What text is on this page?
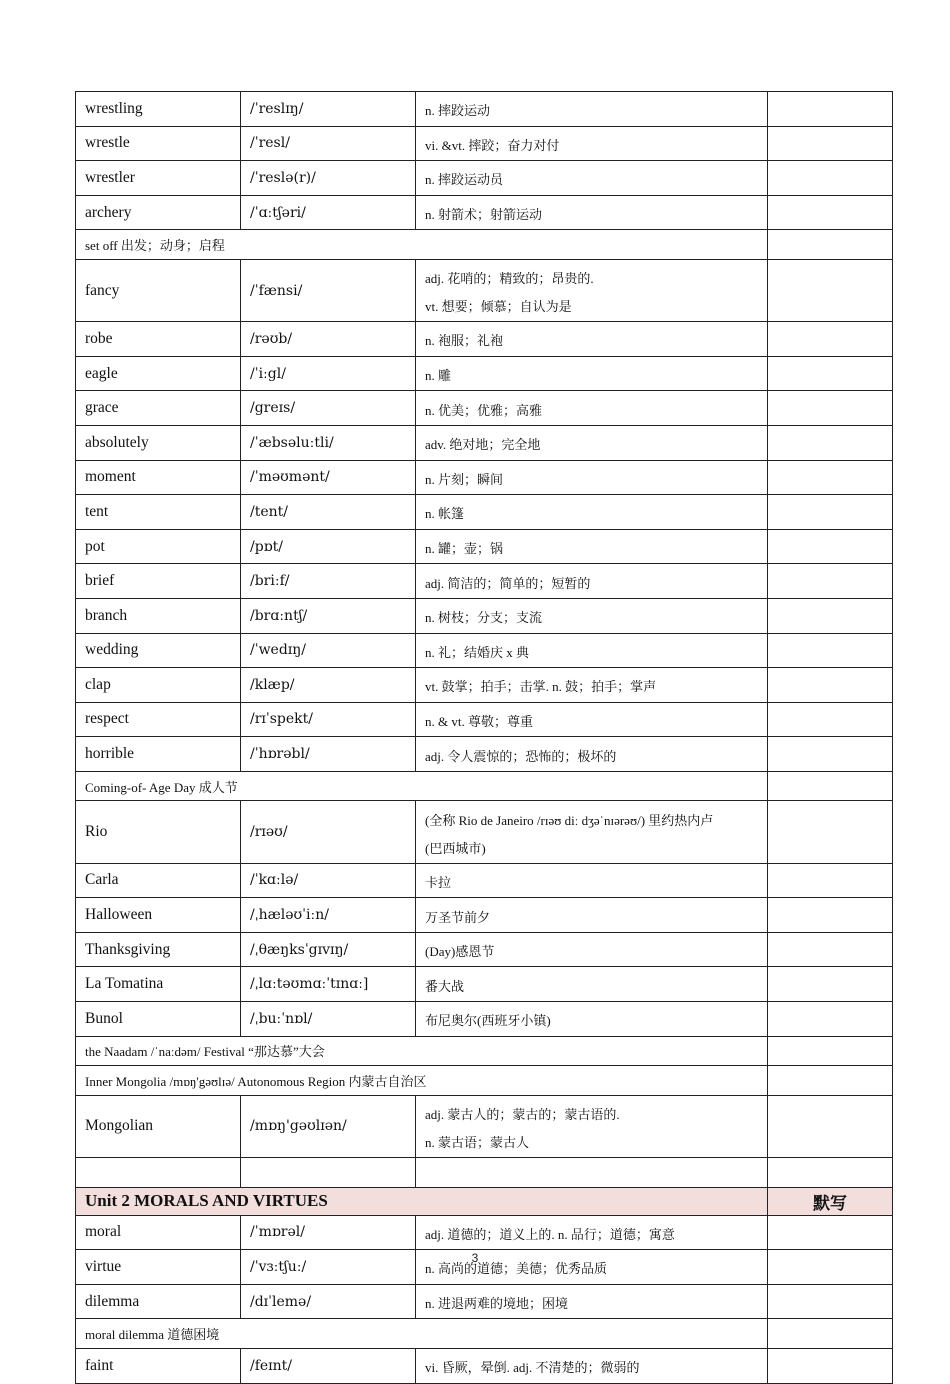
wrestling	/ˈreslɪŋ/	n. 摔跤运动	

wrestle	/ˈresl/	vi. &vt. 摔跤；奋力对付	

wrestler	/ˈreslə(r)/	n. 摔跤运动员	

archery	/ˈɑːtʃəri/	n. 射箭术；射箭运动	

set off 出发；动身；启程			
fancy	/ˈfænsi/	adj. 花哨的；精致的；昂贵的.
vt. 想要；倾慕；自认为是	

robe	/rəʊb/	n. 袍服；礼袍	

eagle	/ˈiːgl/	n. 雕	

grace	/greɪs/	n. 优美；优雅；高雅	

absolutely	/ˈæbsəluːtli/	adv. 绝对地；完全地	

moment	/ˈməʊmənt/	n. 片刻；瞬间	

tent	/tent/	n. 帐篷	

pot	/pɒt/	n. 罐；壶；锅	

brief	/briːf/	adj. 简洁的；简单的；短暂的	

branch	/brɑːntʃ/	n. 树枝；分支；支流	

wedding	/ˈwedɪŋ/	n. 礼；结婚庆 x 典	

clap	/klæp/	vt. 鼓掌；拍手；击掌. n. 鼓；拍手；掌声	

respect	/rɪˈspekt/	n. & vt. 尊敬；尊重	

horrible	/ˈhɒrəbl/	adj. 令人震惊的；恐怖的；极坏的	

Coming-of- Age Day 成人节			
Rio	/rɪəʊ/	(全称 Rio de Janeiro /rɪəʊ diː dʒəˈnɪərəʊ/) 里约热内卢
(巴西城市)	

Carla	/ˈkɑːlə/	卡拉	

Halloween	/ˌhæləʊˈiːn/	万圣节前夕	

Thanksgiving	/ˌθæŋksˈgɪvɪŋ/	(Day)感恩节	

La Tomatina	/ˌlɑːtəʊmɑːˈtɪnɑː]	番大战	

Bunol	/ˌbuːˈnɒl/	布尼奥尔(西班牙小镇)	

the Naadam /ˈnaːdəm/ Festival “那达慕”大会			
Inner Mongolia /mɒŋ'gəʊlɪə/ Autonomous Region 内蒙古自治区			
Mongolian	/mɒŋ'gəʊlɪən/	adj. 蒙古人的；蒙古的；蒙古语的.
n. 蒙古语；蒙古人	

Unit 2 MORALS AND VIRTUES			默写
moral	/ˈmɒrəl/	adj. 道德的；道义上的. n. 品行；道德；寓意	

virtue	/ˈvɜːtʃuː/	n. 高尚的道德；美德；优秀品质	

dilemma	/dɪˈlemə/	n. 进退两难的境地；困境	

moral dilemma 道德困境			
faint	/feɪnt/	vi. 昏厥，晕倒. adj. 不清楚的；微弱的	

3
